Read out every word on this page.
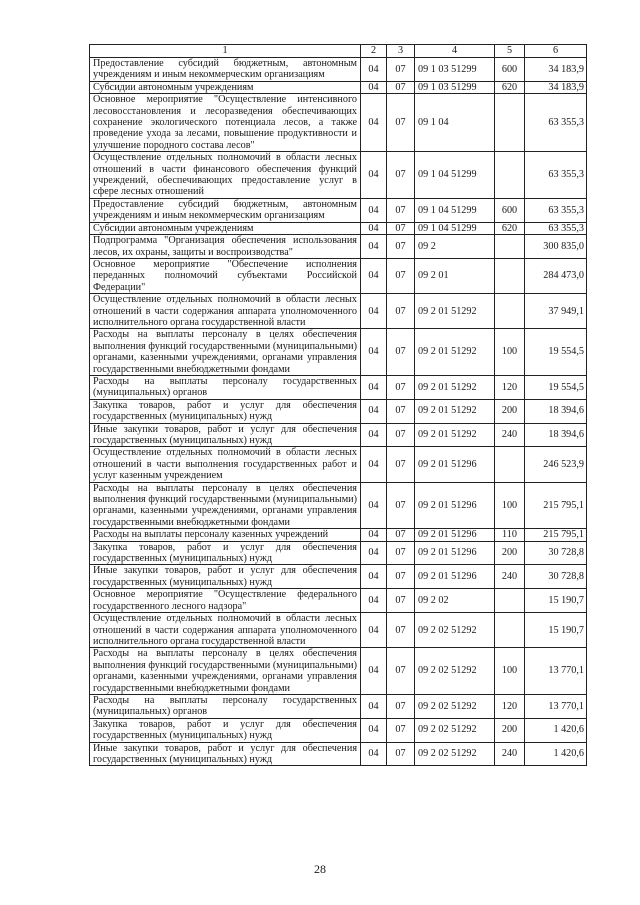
1	2	3	4	5	6
Предоставление субсидий бюджетным, автономным учреждениям и иным некоммерческим организациям	04	07	09 1 03 51299	600	34 183,9
Субсидии автономным учреждениям	04	07	09 1 03 51299	620	34 183,9
Основное мероприятие "Осуществление интенсивного лесовосстановления и лесоразведения обеспечивающих сохранение экологического потенциала лесов, а также проведение ухода за лесами, повышение продуктивности и улучшение породного состава лесов"	04	07	09 1 04		63 355,3
Осуществление отдельных полномочий в области лесных отношений в части финансового обеспечения функций учреждений, обеспечивающих предоставление услуг в сфере лесных отношений	04	07	09 1 04 51299		63 355,3
Предоставление субсидий бюджетным, автономным учреждениям и иным некоммерческим организациям	04	07	09 1 04 51299	600	63 355,3
Субсидии автономным учреждениям	04	07	09 1 04 51299	620	63 355,3
Подпрограмма "Организация обеспечения использования лесов, их охраны, защиты и воспроизводства"	04	07	09 2		300 835,0
Основное мероприятие "Обеспечение исполнения переданных полномочий субъектами Российской Федерации"	04	07	09 2 01		284 473,0
Осуществление отдельных полномочий в области лесных отношений в части содержания аппарата уполномоченного исполнительного органа государственной власти	04	07	09 2 01 51292		37 949,1
Расходы на выплаты персоналу в целях обеспечения выполнения функций государственными (муниципальными) органами, казенными учреждениями, органами управления государственными внебюджетными фондами	04	07	09 2 01 51292	100	19 554,5
Расходы на выплаты персоналу государственных (муниципальных) органов	04	07	09 2 01 51292	120	19 554,5
Закупка товаров, работ и услуг для обеспечения государственных (муниципальных) нужд	04	07	09 2 01 51292	200	18 394,6
Иные закупки товаров, работ и услуг для обеспечения государственных (муниципальных) нужд	04	07	09 2 01 51292	240	18 394,6
Осуществление отдельных полномочий в области лесных отношений в части выполнения государственных работ и услуг казенным учреждением	04	07	09 2 01 51296		246 523,9
Расходы на выплаты персоналу в целях обеспечения выполнения функций государственными (муниципальными) органами, казенными учреждениями, органами управления государственными внебюджетными фондами	04	07	09 2 01 51296	100	215 795,1
Расходы на выплаты персоналу казенных учреждений	04	07	09 2 01 51296	110	215 795,1
Закупка товаров, работ и услуг для обеспечения государственных (муниципальных) нужд	04	07	09 2 01 51296	200	30 728,8
Иные закупки товаров, работ и услуг для обеспечения государственных (муниципальных) нужд	04	07	09 2 01 51296	240	30 728,8
Основное мероприятие "Осуществление федерального государственного лесного надзора"	04	07	09 2 02		15 190,7
Осуществление отдельных полномочий в области лесных отношений в части содержания аппарата уполномоченного исполнительного органа государственной власти	04	07	09 2 02 51292		15 190,7
Расходы на выплаты персоналу в целях обеспечения выполнения функций государственными (муниципальными) органами, казенными учреждениями, органами управления государственными внебюджетными фондами	04	07	09 2 02 51292	100	13 770,1
Расходы на выплаты персоналу государственных (муниципальных) органов	04	07	09 2 02 51292	120	13 770,1
Закупка товаров, работ и услуг для обеспечения государственных (муниципальных) нужд	04	07	09 2 02 51292	200	1 420,6
Иные закупки товаров, работ и услуг для обеспечения государственных (муниципальных) нужд	04	07	09 2 02 51292	240	1 420,6
28
